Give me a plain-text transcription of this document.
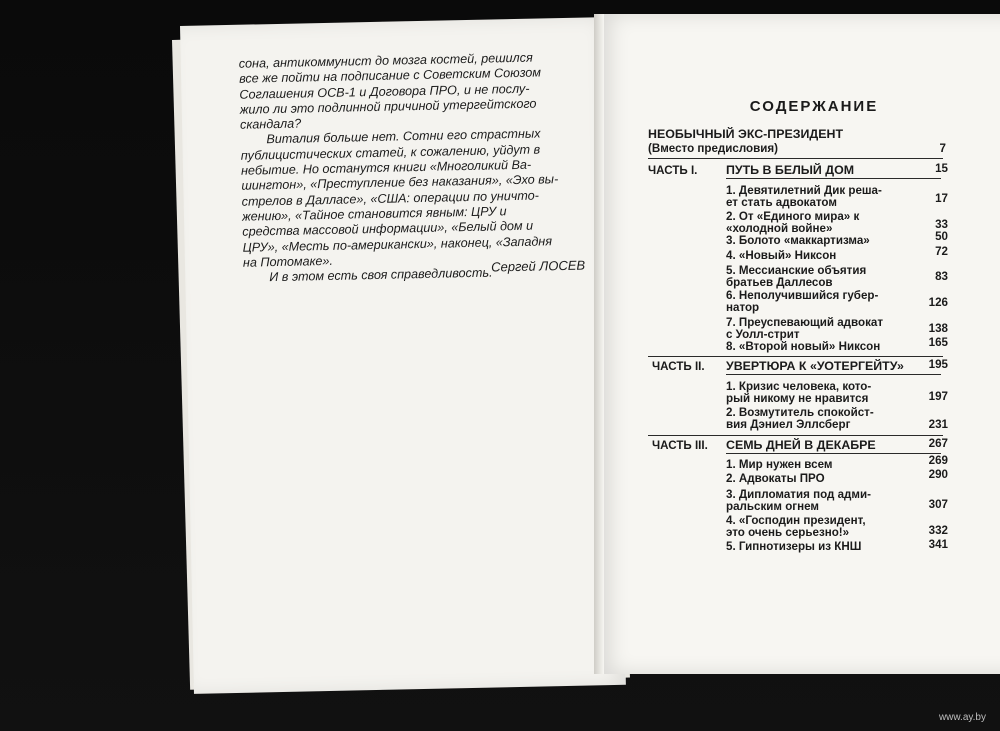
сона, антикоммунист до мозга костей, решился

все же пойти на подписание с Советским Союзом

Соглашения ОСВ-1 и Договора ПРО, и не послу-

жило ли это подлинной причиной утергейтского

скандала?

Виталия больше нет. Сотни его страстных

публицистических статей, к сожалению, уйдут в

небытие. Но останутся книги «Многоликий Ва-

шингтон», «Преступление без наказания», «Эхо вы-

стрелов в Далласе», «США: операции по уничто-

жению», «Тайное становится явным: ЦРУ и

средства массовой информации», «Белый дом и

ЦРУ», «Месть по-американски», наконец, «Западня

на Потомаке».

И в этом есть своя справедливость.

Сергей ЛОСЕВ
СОДЕРЖАНИЕ
НЕОБЫЧНЫЙ ЭКС-ПРЕЗИДЕНТ
(Вместо предисловия)	7
ЧАСТЬ I. ПУТЬ В БЕЛЫЙ ДОМ	15
1. Девятилетний Дик реша-
ет стать адвокатом	17
2. От «Единого мира» к
«холодной войне»	33
3. Болото «маккартизма»	50
4. «Новый» Никсон	72
5. Мессианские объятия
братьев Даллесов	83
6. Неполучившийся губер-
натор	126
7. Преуспевающий адвокат
с Уолл-стрит	138
8. «Второй новый» Никсон	165
ЧАСТЬ II. УВЕРТЮРА К «УОТЕРГЕЙТУ»	195
1. Кризис человека, кото-
рый никому не нравится	197
2. Возмутитель спокойст-
вия Дэниел Эллсберг	231
ЧАСТЬ III. СЕМЬ ДНЕЙ В ДЕКАБРЕ	267
1. Мир нужен всем	269
2. Адвокаты ПРО	290
3. Дипломатия под адми-
ральским огнем	307
4. «Господин президент,
это очень серьезно!»	332
5. Гипнотизеры из КНШ	341
www.ay.by
